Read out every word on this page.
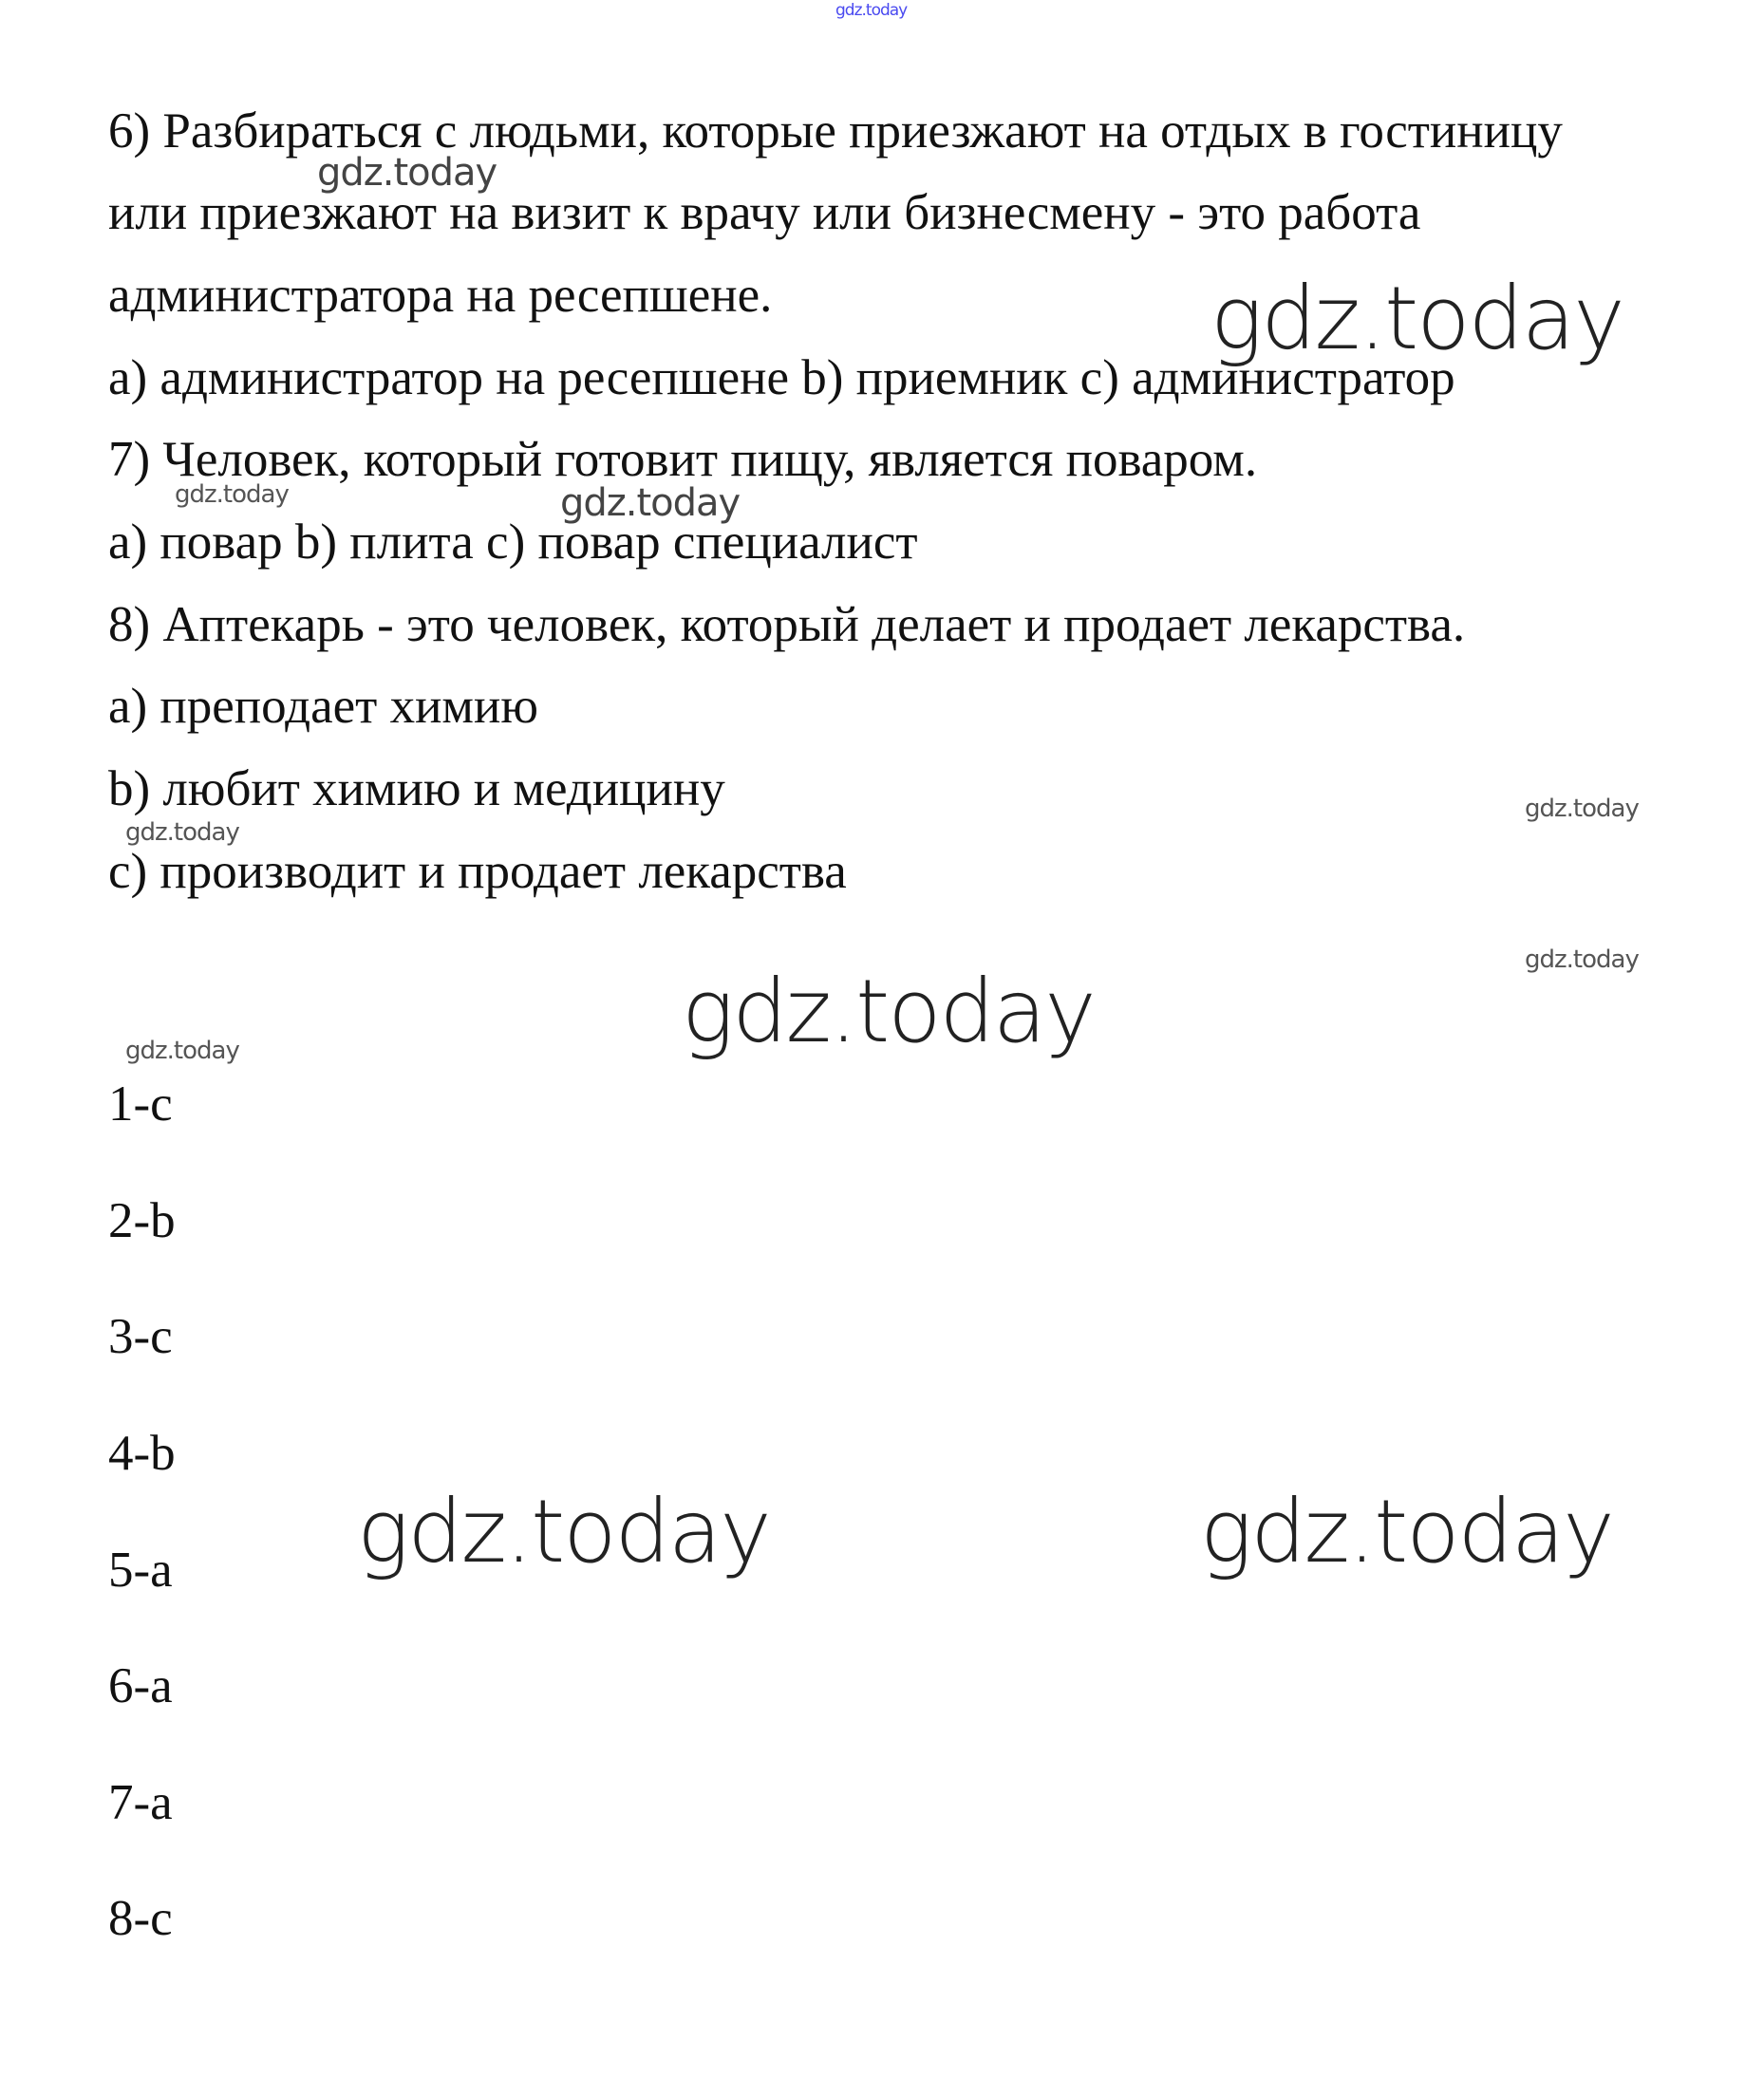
gdz.today
gdz.today
gdz.today
gdz.today	gdz.today
gdz.today
gdz.today
gdz.today
gdz.today
gdz.today
gdz.today	gdz.today
6) Разбираться с людьми, которые приезжают на отдых в гостиницу
или приезжают на визит к врачу или бизнесмену - это работа
администратора на ресепшене.
a) администратор на ресепшене b) приемник c) администратор
7) Человек, который готовит пищу, является поваром.
a) повар b) плита c) повар специалист
8) Аптекарь - это человек, который делает и продает лекарства.
a) преподает химию
b) любит химию и медицину
c) производит и продает лекарства
1-c
2-b
3-c
4-b
5-a
6-a
7-a
8-c
